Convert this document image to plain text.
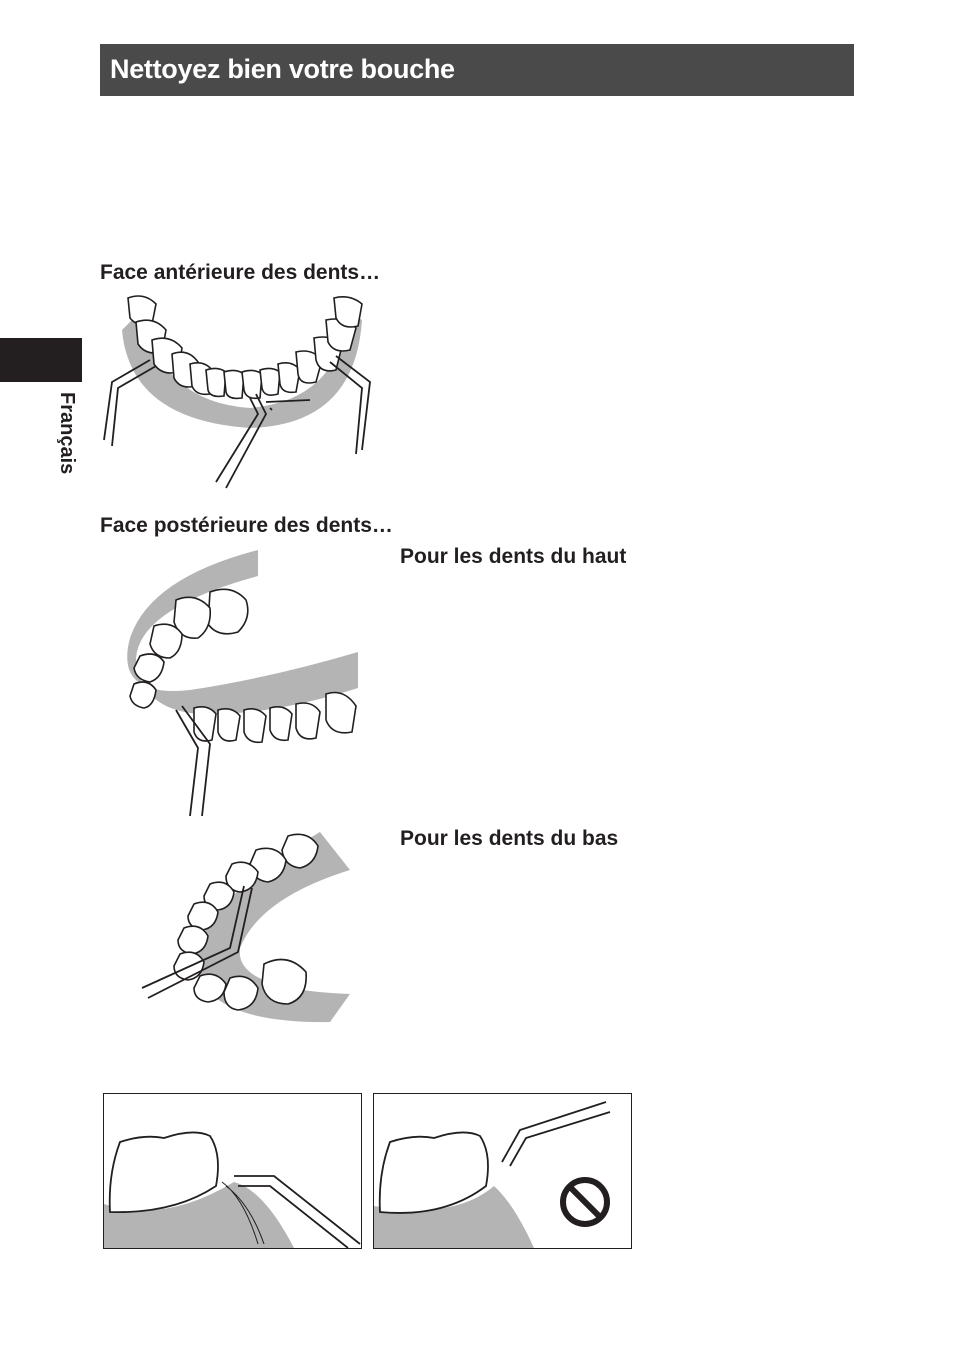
Nettoyez bien votre bouche
Français
Face antérieure des dents…
Face postérieure des dents…
Pour les dents du haut
Pour les dents du bas
